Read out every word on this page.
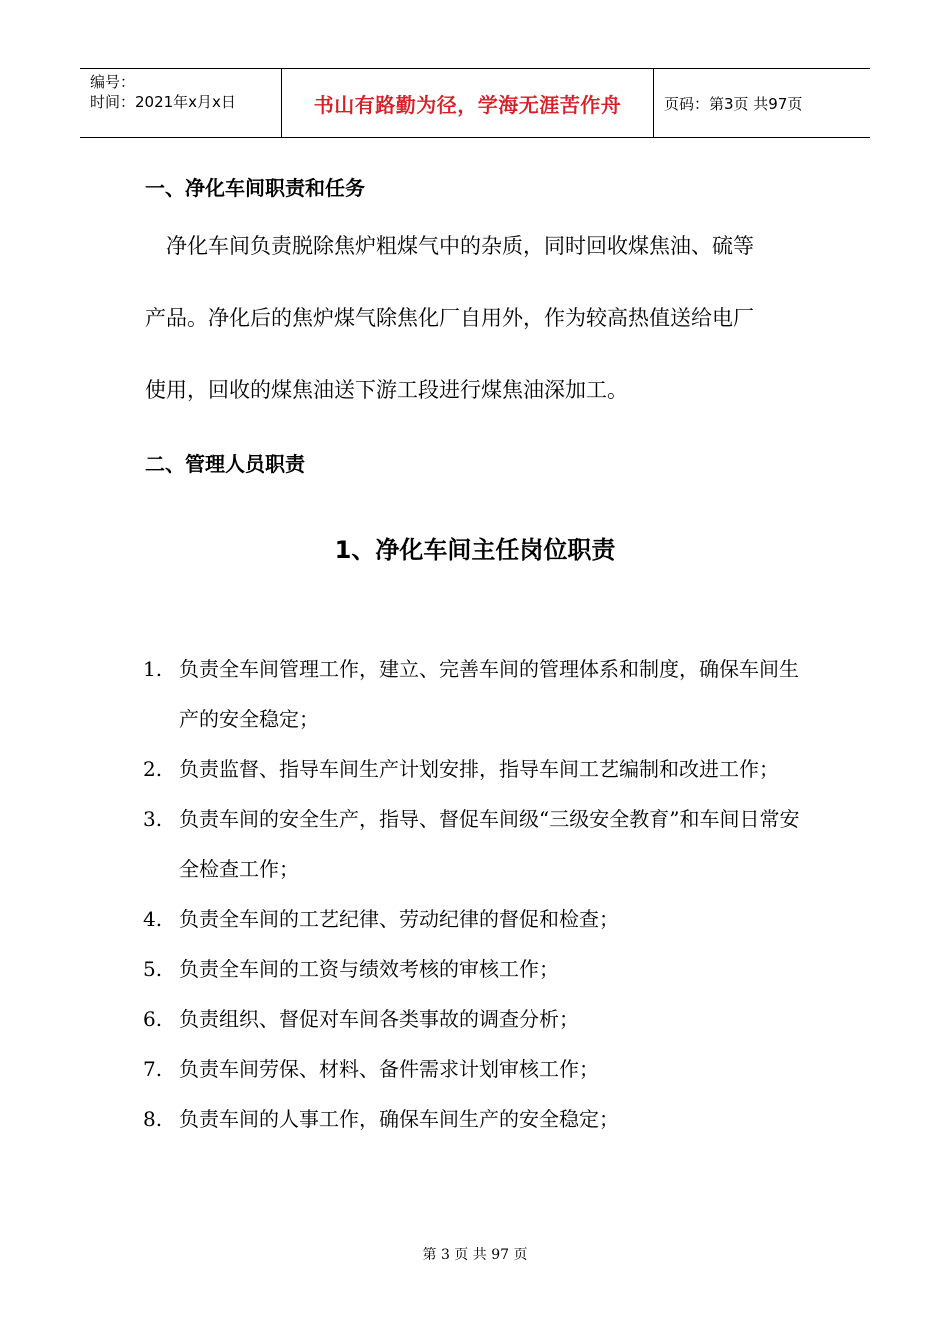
编号：
时间：2021年x月x日	书山有路勤为径，学海无涯苦作舟	页码：第3页 共97页
一、净化车间职责和任务

　净化车间负责脱除焦炉粗煤气中的杂质，同时回收煤焦油、硫等

产品。净化后的焦炉煤气除焦化厂自用外，作为较高热值送给电厂

使用，回收的煤焦油送下游工段进行煤焦油深加工。

二、管理人员职责
1、净化车间主任岗位职责
1. 负责全车间管理工作，建立、完善车间的管理体系和制度，确保车间生产的安全稳定；
2. 负责监督、指导车间生产计划安排，指导车间工艺编制和改进工作；
3. 负责车间的安全生产，指导、督促车间级“三级安全教育”和车间日常安全检查工作；
4. 负责全车间的工艺纪律、劳动纪律的督促和检查；
5. 负责全车间的工资与绩效考核的审核工作；
6. 负责组织、督促对车间各类事故的调查分析；
7. 负责车间劳保、材料、备件需求计划审核工作；
8. 负责车间的人事工作，确保车间生产的安全稳定；
第 3 页 共 97 页
